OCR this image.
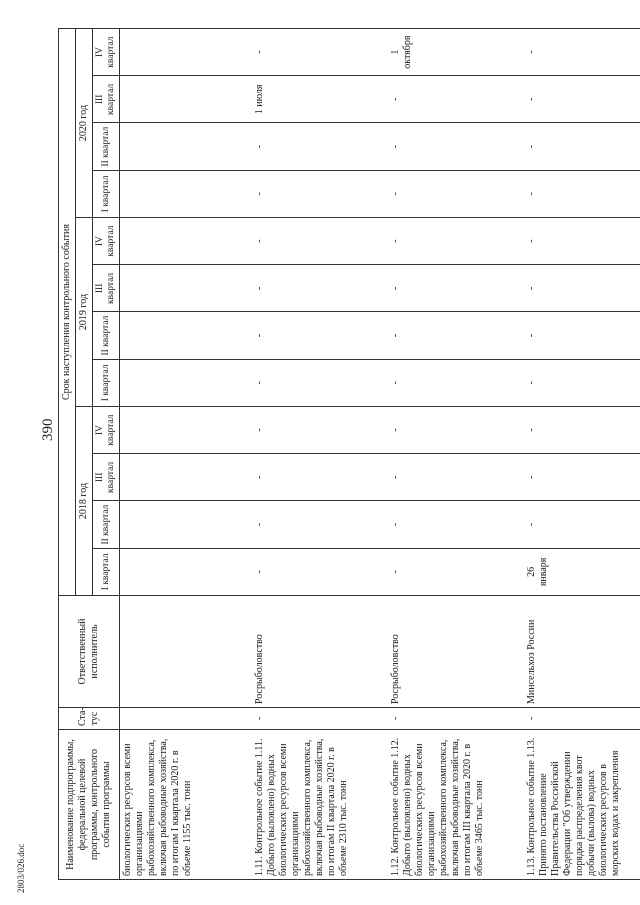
390
2803/026.doc	Наименование подпрограммы, федеральной целевой программы, контрольного события программы	Ста-тус	Ответственный исполнитель	Срок наступления контрольного события											
			2018 год				2019 год				2020 год			
			I квартал	II квартал	III квартал	IV квартал	I квартал	II квартал	III квартал	IV квартал	I квартал	II квартал	III квартал	IV квартал
биологических ресурсов всеми организациями рыбохозяйственного комплекса, включая рыбоводные хозяйства, по итогам I квартала 2020 г. в объеме 1155 тыс. тонн														
1.11. Контрольное событие 1.11. Добыто (выловлено) водных биологических ресурсов всеми организациями рыбохозяйственного комплекса, включая рыбоводные хозяйства, по итогам II квартала 2020 г. в объеме 2310 тыс. тонн	-	Росрыболовство	-	-	-	-	-	-	-	-	-	-	1 июля	-
1.12. Контрольное событие 1.12. Добыто (выловлено) водных биологических ресурсов всеми организациями рыбохозяйственного комплекса, включая рыбоводные хозяйства, по итогам III квартала 2020 г. в объеме 3465 тыс. тонн	-	Росрыболовство	-	-	-	-	-	-	-	-	-	-	-	1 октября
1.13. Контрольное событие 1.13. Принято постановление Правительства Российской Федерации "Об утверждении порядка распределения квот добычи (вылова) водных биологических ресурсов в морских водах и закрепления	-	Минсельхоз России	26 января	-	-	-	-	-	-	-	-	-	-	-
